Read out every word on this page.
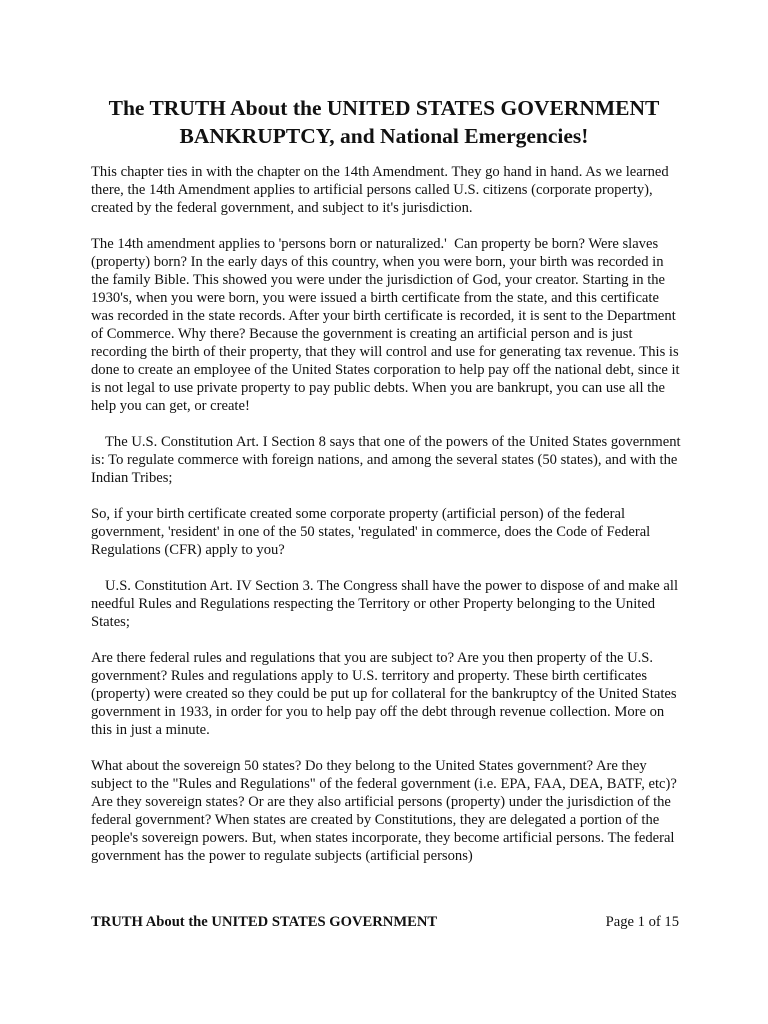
The TRUTH About the UNITED STATES GOVERNMENT
BANKRUPTCY, and National Emergencies!

This chapter ties in with the chapter on the 14th Amendment. They go hand in hand. As we learned there, the 14th Amendment applies to artificial persons called U.S. citizens (corporate property), created by the federal government, and subject to it's jurisdiction.

The 14th amendment applies to 'persons born or naturalized.'  Can property be born? Were slaves (property) born? In the early days of this country, when you were born, your birth was recorded in the family Bible. This showed you were under the jurisdiction of God, your creator. Starting in the 1930's, when you were born, you were issued a birth certificate from the state, and this certificate was recorded in the state records. After your birth certificate is recorded, it is sent to the Department of Commerce. Why there? Because the government is creating an artificial person and is just recording the birth of their property, that they will control and use for generating tax revenue. This is done to create an employee of the United States corporation to help pay off the national debt, since it is not legal to use private property to pay public debts. When you are bankrupt, you can use all the help you can get, or create!

The U.S. Constitution Art. I Section 8 says that one of the powers of the United States government is: To regulate commerce with foreign nations, and among the several states (50 states), and with the Indian Tribes;

So, if your birth certificate created some corporate property (artificial person) of the federal government, 'resident' in one of the 50 states, 'regulated' in commerce, does the Code of Federal Regulations (CFR) apply to you?

U.S. Constitution Art. IV Section 3. The Congress shall have the power to dispose of and make all needful Rules and Regulations respecting the Territory or other Property belonging to the United States;

Are there federal rules and regulations that you are subject to? Are you then property of the U.S. government? Rules and regulations apply to U.S. territory and property. These birth certificates (property) were created so they could be put up for collateral for the bankruptcy of the United States government in 1933, in order for you to help pay off the debt through revenue collection. More on this in just a minute.

What about the sovereign 50 states? Do they belong to the United States government? Are they subject to the "Rules and Regulations" of the federal government (i.e. EPA, FAA, DEA, BATF, etc)? Are they sovereign states? Or are they also artificial persons (property) under the jurisdiction of the federal government? When states are created by Constitutions, they are delegated a portion of the people's sovereign powers. But, when states incorporate, they become artificial persons. The federal government has the power to regulate subjects (artificial persons)

TRUTH About the UNITED STATES GOVERNMENT	Page 1 of 15
